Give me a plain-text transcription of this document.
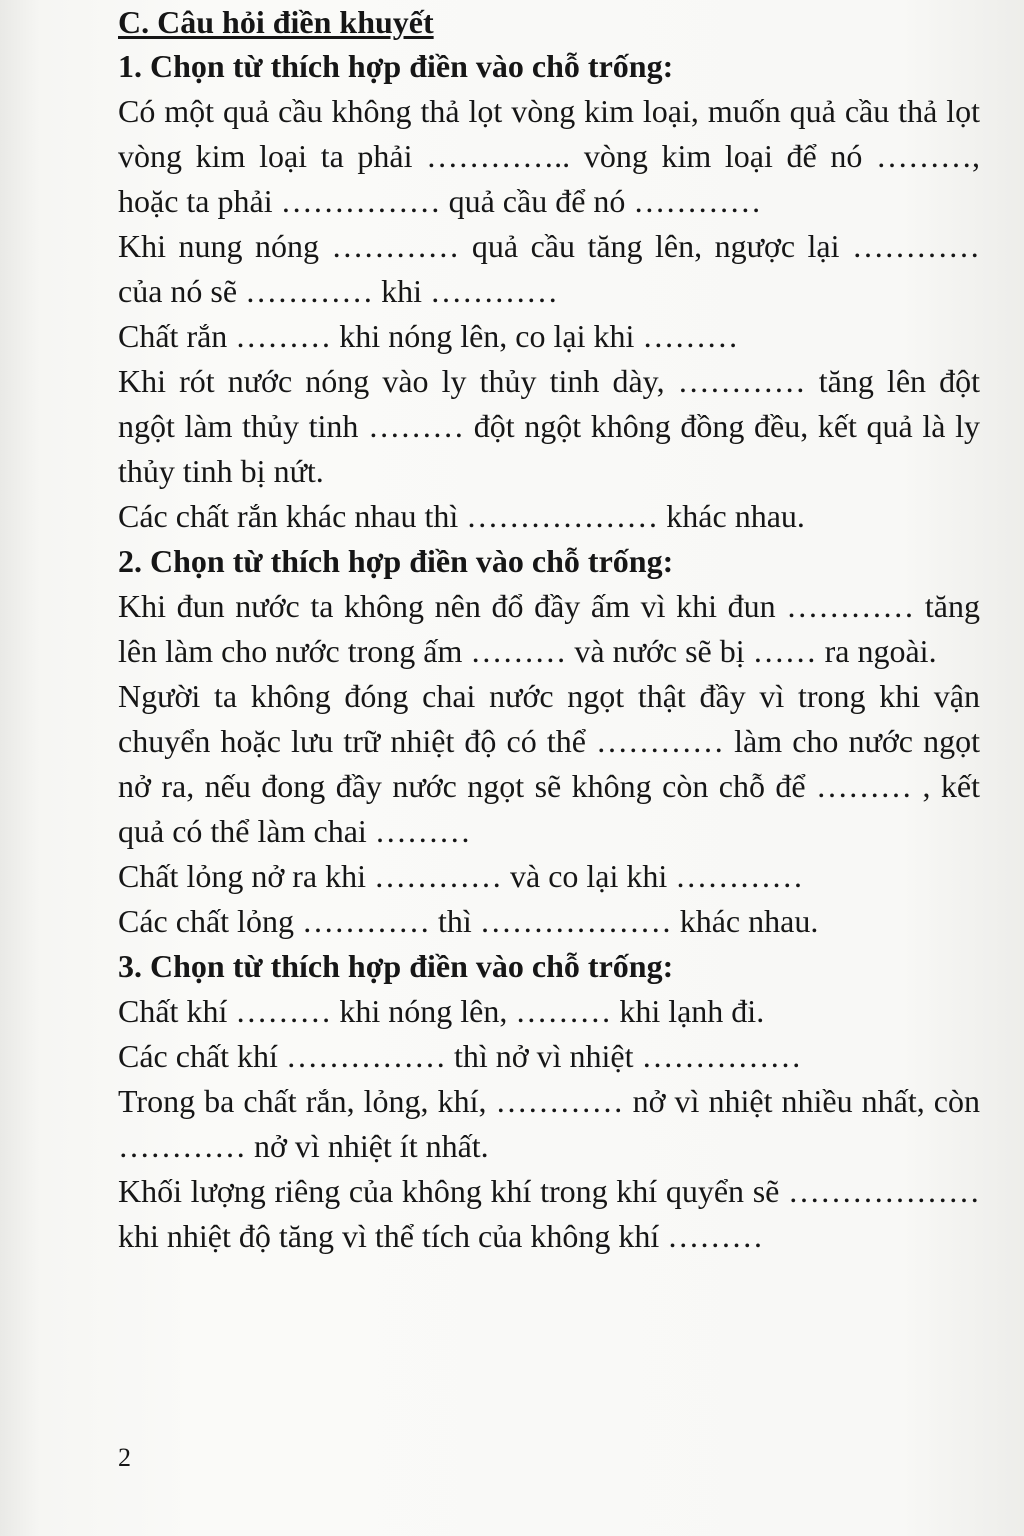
C. Câu hỏi điền khuyết
1. Chọn từ thích hợp điền vào chỗ trống:
Có một quả cầu không thả lọt vòng kim loại, muốn quả cầu thả lọt vòng kim loại ta phải ………….. vòng kim loại để nó ………, hoặc ta phải …………… quả cầu để nó …………
Khi nung nóng ………… quả cầu tăng lên, ngược lại ………… của nó sẽ ………… khi …………
Chất rắn ……… khi nóng lên, co lại khi ………
Khi rót nước nóng vào ly thủy tinh dày, ………… tăng lên đột ngột làm thủy tinh ……… đột ngột không đồng đều, kết quả là ly thủy tinh bị nứt.
Các chất rắn khác nhau thì ……………… khác nhau.
2. Chọn từ thích hợp điền vào chỗ trống:
Khi đun nước ta không nên đổ đầy ấm vì khi đun ………… tăng lên làm cho nước trong ấm ……… và nước sẽ bị …… ra ngoài.
Người ta không đóng chai nước ngọt thật đầy vì trong khi vận chuyển hoặc lưu trữ nhiệt độ có thể ………… làm cho nước ngọt nở ra, nếu đong đầy nước ngọt sẽ không còn chỗ để ……… , kết quả có thể làm chai ………
Chất lỏng nở ra khi ………… và co lại khi …………
Các chất lỏng ………… thì ……………… khác nhau.
3. Chọn từ thích hợp điền vào chỗ trống:
Chất khí ……… khi nóng lên, ……… khi lạnh đi.
Các chất khí …………… thì nở vì nhiệt ……………
Trong ba chất rắn, lỏng, khí, ………… nở vì nhiệt nhiều nhất, còn ………… nở vì nhiệt ít nhất.
Khối lượng riêng của không khí trong khí quyển sẽ ……………… khi nhiệt độ tăng vì thể tích của không khí ………
2
